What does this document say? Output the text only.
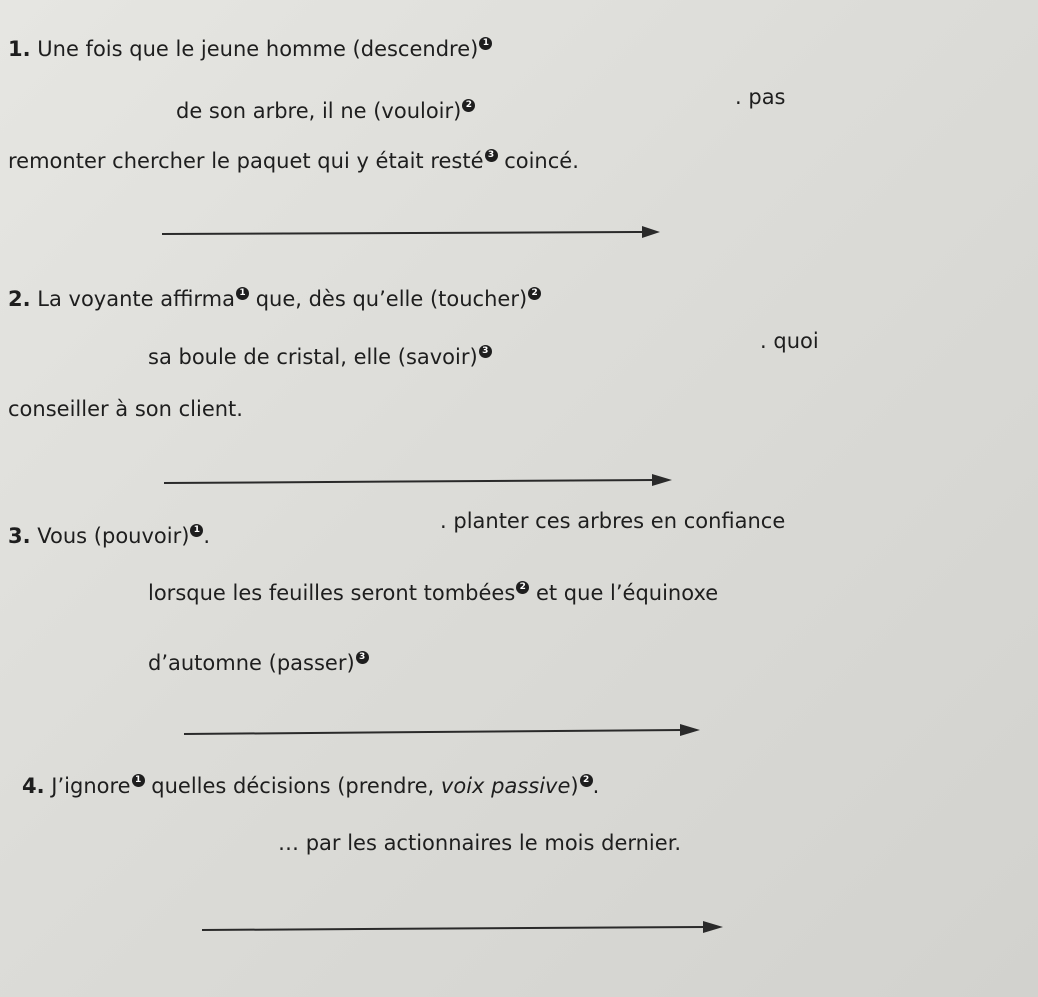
1. Une fois que le jeune homme (descendre) 1
de son arbre, il ne (vouloir) 2	. pas
remonter chercher le paquet qui y était resté 3 coincé.
2. La voyante affirma 1 que, dès qu’elle (toucher) 2
sa boule de cristal, elle (savoir) 3	. quoi
conseiller à son client.
3. Vous (pouvoir) 1 .
. planter ces arbres en confiance
lorsque les feuilles seront tombées 2 et que l’équinoxe
d’automne (passer) 3
4. J’ignore 1 quelles décisions (prendre, voix passive) 2 .
… par les actionnaires le mois dernier.
